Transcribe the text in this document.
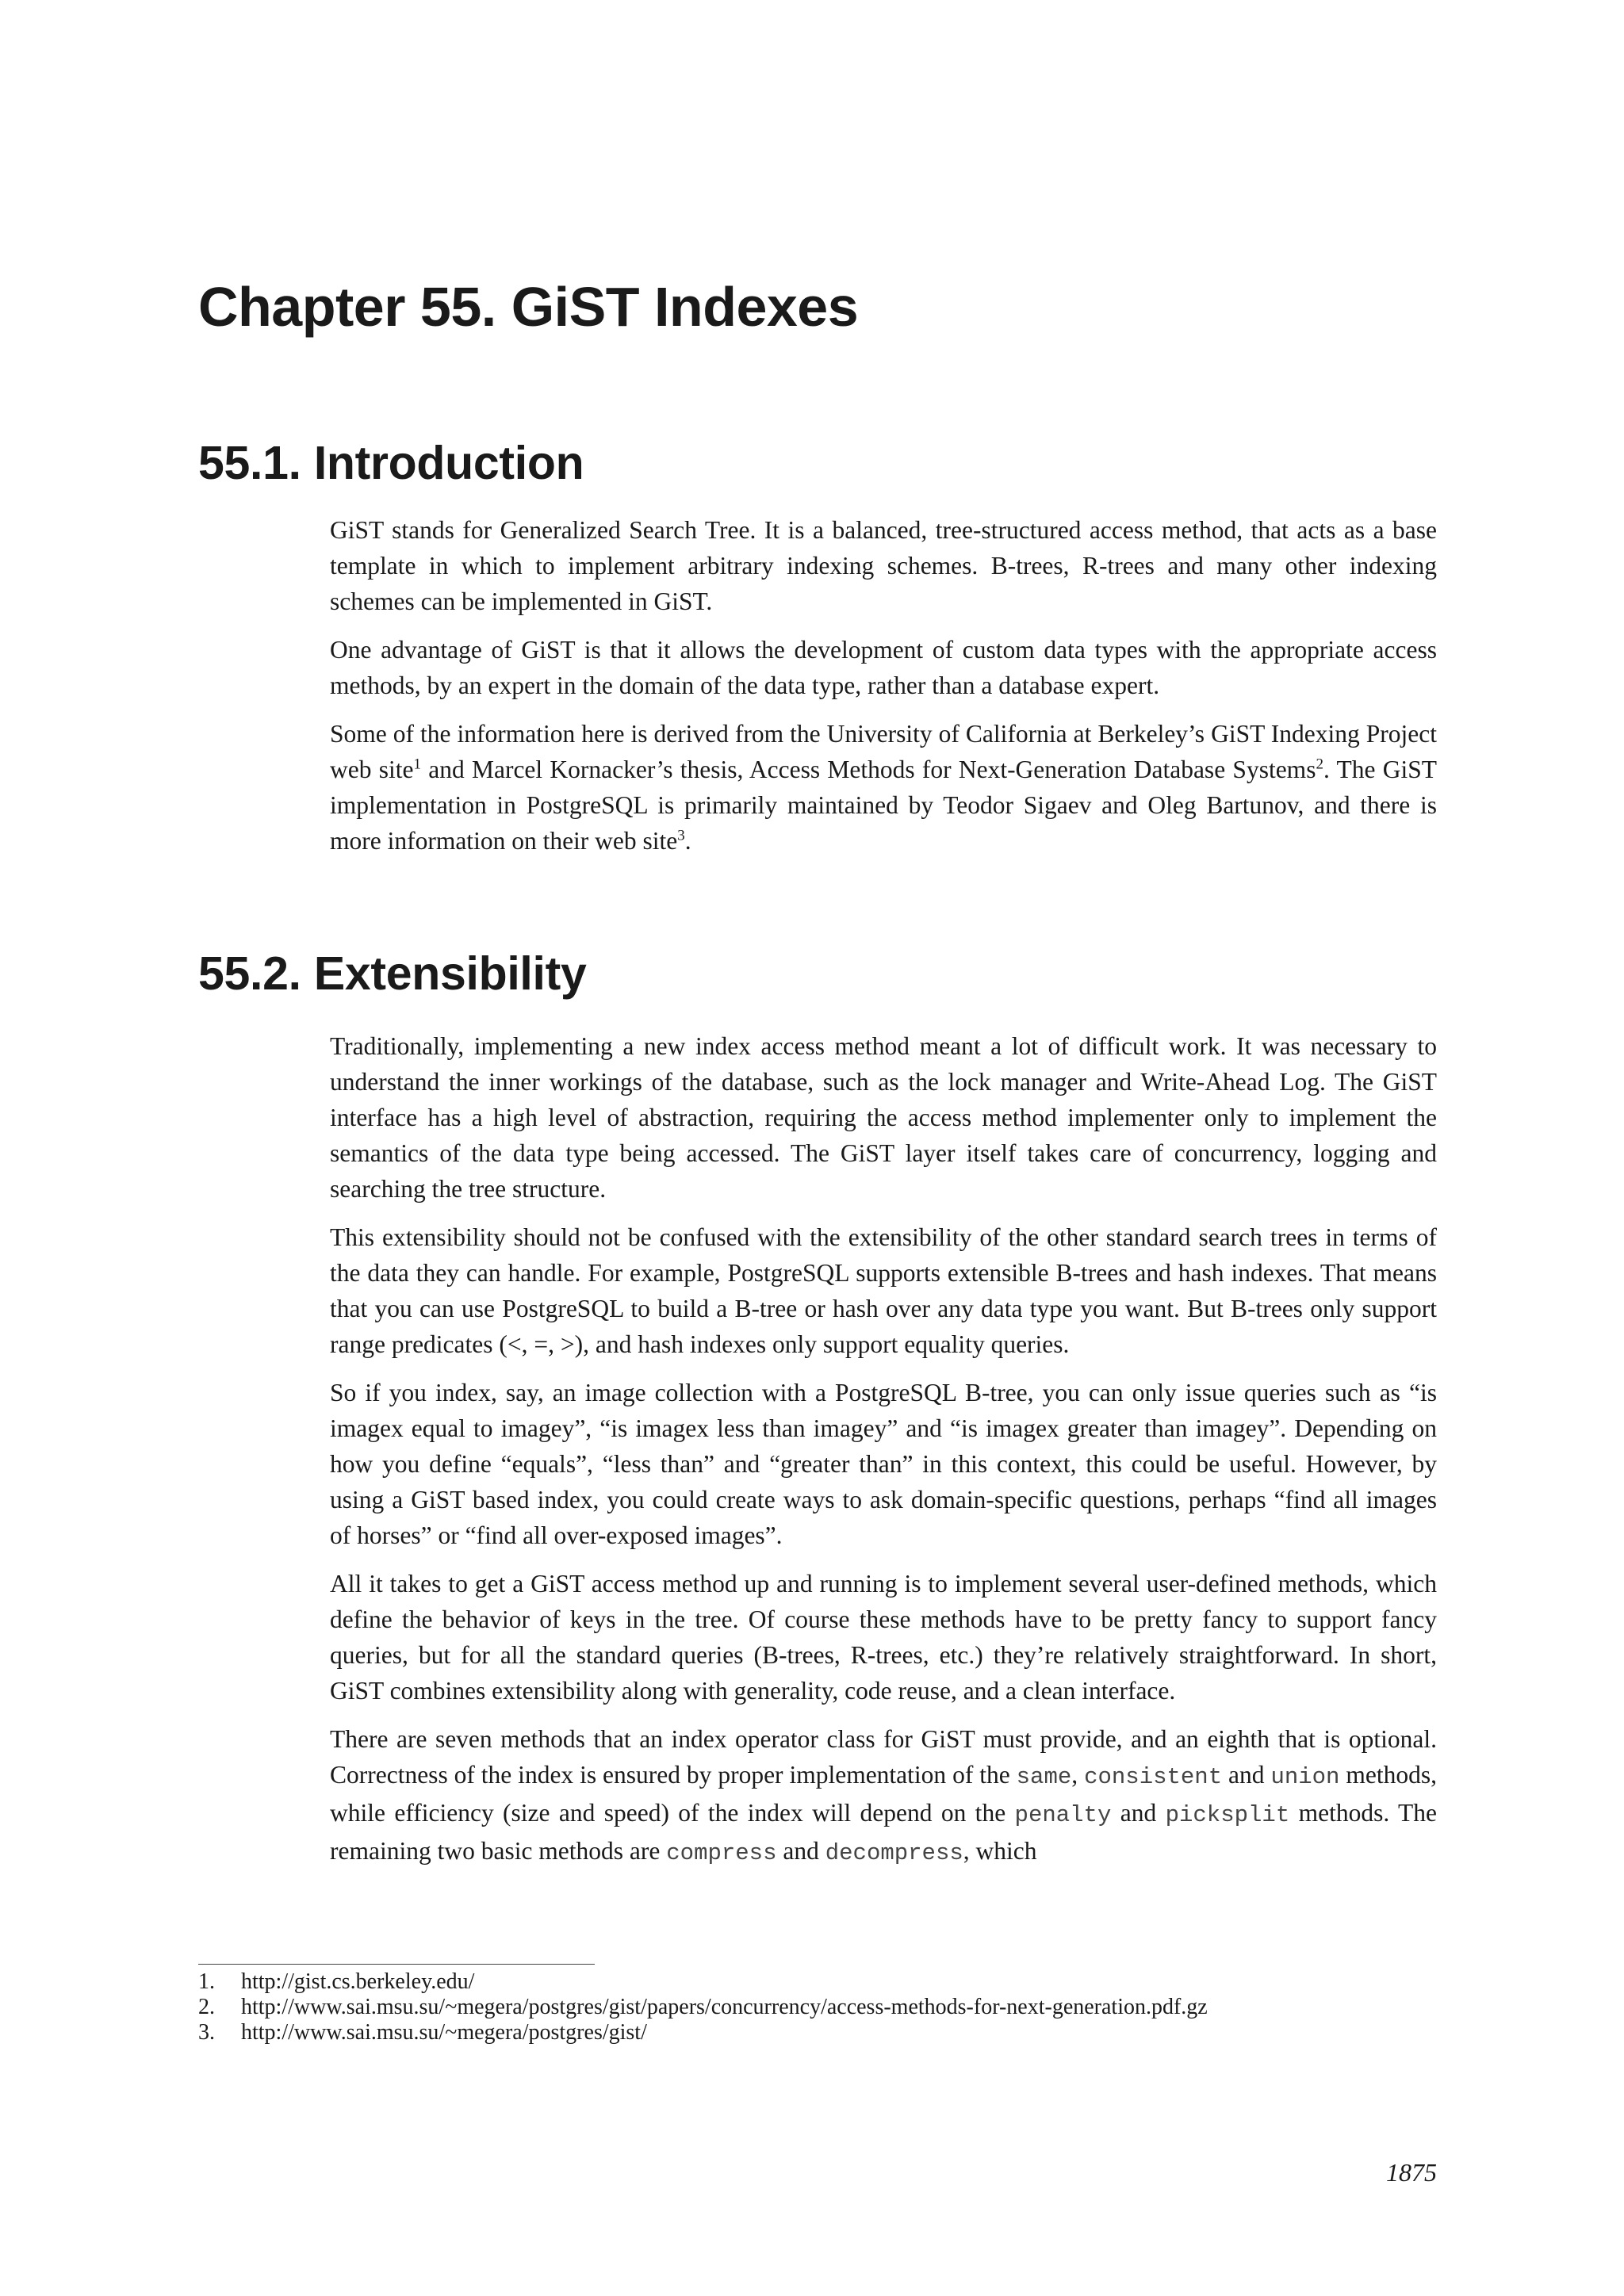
Chapter 55. GiST Indexes
55.1. Introduction

GiST stands for Generalized Search Tree. It is a balanced, tree-structured access method, that acts as a base template in which to implement arbitrary indexing schemes. B-trees, R-trees and many other indexing schemes can be implemented in GiST.

One advantage of GiST is that it allows the development of custom data types with the appropriate access methods, by an expert in the domain of the data type, rather than a database expert.

Some of the information here is derived from the University of California at Berkeley’s GiST Indexing Project web site$^1$ and Marcel Kornacker’s thesis, Access Methods for Next-Generation Database Systems$^2$. The GiST implementation in PostgreSQL is primarily maintained by Teodor Sigaev and Oleg Bartunov, and there is more information on their web site$^3$.

55.2. Extensibility

Traditionally, implementing a new index access method meant a lot of difficult work. It was necessary to understand the inner workings of the database, such as the lock manager and Write-Ahead Log. The GiST interface has a high level of abstraction, requiring the access method implementer only to implement the semantics of the data type being accessed. The GiST layer itself takes care of concurrency, logging and searching the tree structure.

This extensibility should not be confused with the extensibility of the other standard search trees in terms of the data they can handle. For example, PostgreSQL supports extensible B-trees and hash indexes. That means that you can use PostgreSQL to build a B-tree or hash over any data type you want. But B-trees only support range predicates (<, =, >), and hash indexes only support equality queries.

So if you index, say, an image collection with a PostgreSQL B-tree, you can only issue queries such as “is imagex equal to imagey”, “is imagex less than imagey” and “is imagex greater than imagey”. Depending on how you define “equals”, “less than” and “greater than” in this context, this could be useful. However, by using a GiST based index, you could create ways to ask domain-specific questions, perhaps “find all images of horses” or “find all over-exposed images”.

All it takes to get a GiST access method up and running is to implement several user-defined methods, which define the behavior of keys in the tree. Of course these methods have to be pretty fancy to support fancy queries, but for all the standard queries (B-trees, R-trees, etc.) they’re relatively straightforward. In short, GiST combines extensibility along with generality, code reuse, and a clean interface.

There are seven methods that an index operator class for GiST must provide, and an eighth that is optional. Correctness of the index is ensured by proper implementation of the same, consistent and union methods, while efficiency (size and speed) of the index will depend on the penalty and picksplit methods. The remaining two basic methods are compress and decompress, which

1.	http://gist.cs.berkeley.edu/
2.	http://www.sai.msu.su/~megera/postgres/gist/papers/concurrency/access-methods-for-next-generation.pdf.gz
3.	http://www.sai.msu.su/~megera/postgres/gist/
1875
